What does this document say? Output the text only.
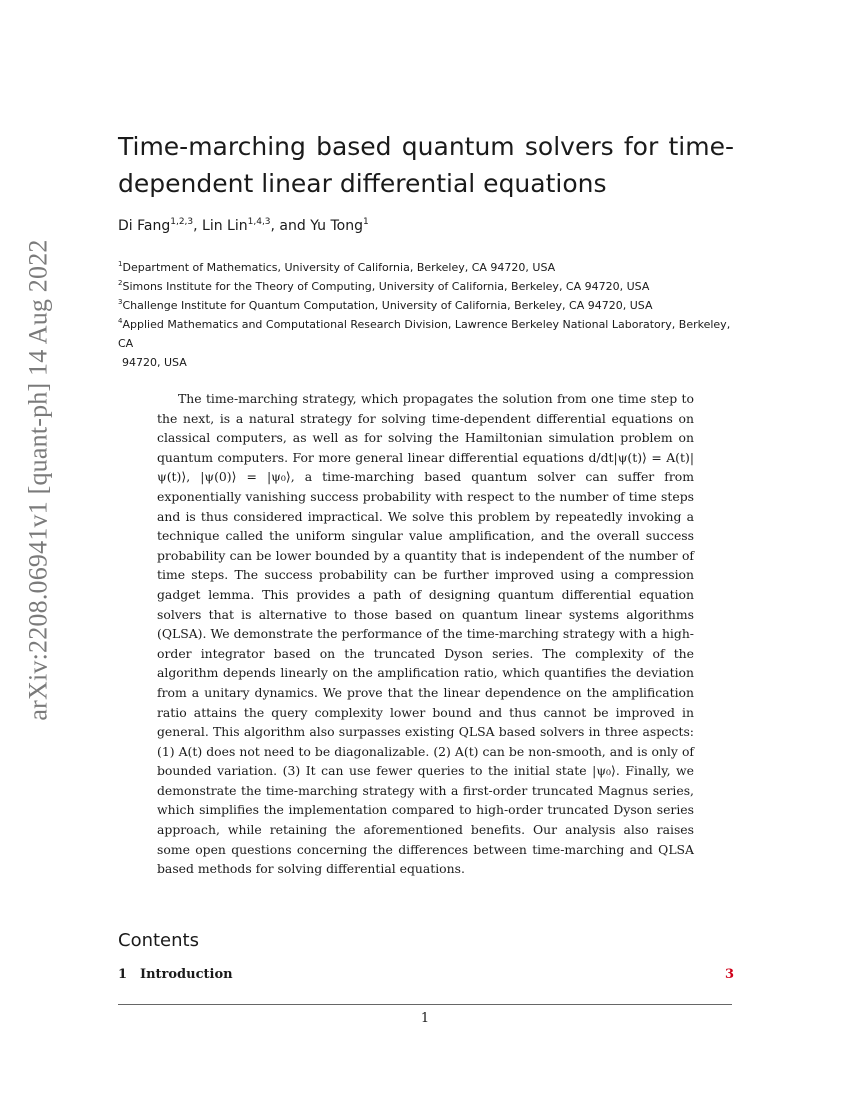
arXiv:2208.06941v1 [quant-ph] 14 Aug 2022
Time-marching based quantum solvers for time-dependent linear differential equations
Di Fang$^{1,2,3}$, Lin Lin$^{1,4,3}$, and Yu Tong$^1$
$^1$Department of Mathematics, University of California, Berkeley, CA 94720, USA
$^2$Simons Institute for the Theory of Computing, University of California, Berkeley, CA 94720, USA
$^3$Challenge Institute for Quantum Computation, University of California, Berkeley, CA 94720, USA
$^4$Applied Mathematics and Computational Research Division, Lawrence Berkeley National Laboratory, Berkeley, CA
94720, USA

The time-marching strategy, which propagates the solution from one time step to the next, is a natural strategy for solving time-dependent differential equations on classical computers, as well as for solving the Hamiltonian simulation problem on quantum computers. For more general linear differential equations d/dt|ψ(t)⟩ = A(t)|ψ(t)⟩, |ψ(0)⟩ = |ψ₀⟩, a time-marching based quantum solver can suffer from exponentially vanishing success probability with respect to the number of time steps and is thus considered impractical. We solve this problem by repeatedly invoking a technique called the uniform singular value amplification, and the overall success probability can be lower bounded by a quantity that is independent of the number of time steps. The success probability can be further improved using a compression gadget lemma. This provides a path of designing quantum differential equation solvers that is alternative to those based on quantum linear systems algorithms (QLSA). We demonstrate the performance of the time-marching strategy with a high-order integrator based on the truncated Dyson series. The complexity of the algorithm depends linearly on the amplification ratio, which quantifies the deviation from a unitary dynamics. We prove that the linear dependence on the amplification ratio attains the query complexity lower bound and thus cannot be improved in general. This algorithm also surpasses existing QLSA based solvers in three aspects: (1) A(t) does not need to be diagonalizable. (2) A(t) can be non-smooth, and is only of bounded variation. (3) It can use fewer queries to the initial state |ψ₀⟩. Finally, we demonstrate the time-marching strategy with a first-order truncated Magnus series, which simplifies the implementation compared to high-order truncated Dyson series approach, while retaining the aforementioned benefits. Our analysis also raises some open questions concerning the differences between time-marching and QLSA based methods for solving differential equations.

Contents
1 Introduction	3
1
